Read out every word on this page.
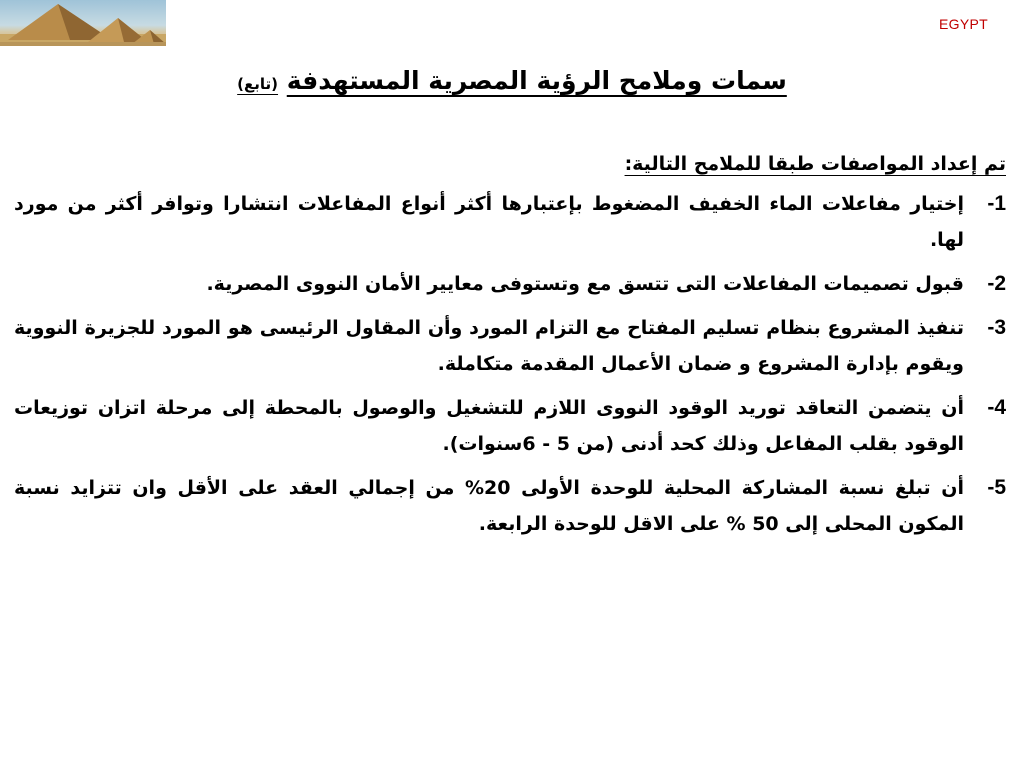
EGYPT
سمات وملامح الرؤية المصرية المستهدفة (تابع)
تم إعداد المواصفات طبقا للملامح التالية:
1-
إختيار مفاعلات الماء الخفيف المضغوط بإعتبارها أكثر أنواع المفاعلات انتشارا وتوافر أكثر من مورد لها.
2-
قبول تصميمات المفاعلات التى تتسق مع وتستوفى معايير الأمان النووى المصرية.
3-
تنفيذ المشروع بنظام تسليم المفتاح مع التزام المورد وأن المقاول الرئيسى هو المورد للجزيرة النووية ويقوم بإدارة المشروع و ضمان الأعمال المقدمة متكاملة.
4-
أن يتضمن التعاقد توريد الوقود النووى اللازم للتشغيل والوصول بالمحطة إلى مرحلة اتزان توزيعات الوقود بقلب المفاعل وذلك كحد أدنى (من 5 - 6سنوات).
5-
أن تبلغ نسبة المشاركة المحلية للوحدة الأولى 20% من إجمالي العقد على الأقل وان تتزايد نسبة المكون المحلى إلى 50 % على الاقل للوحدة الرابعة.
